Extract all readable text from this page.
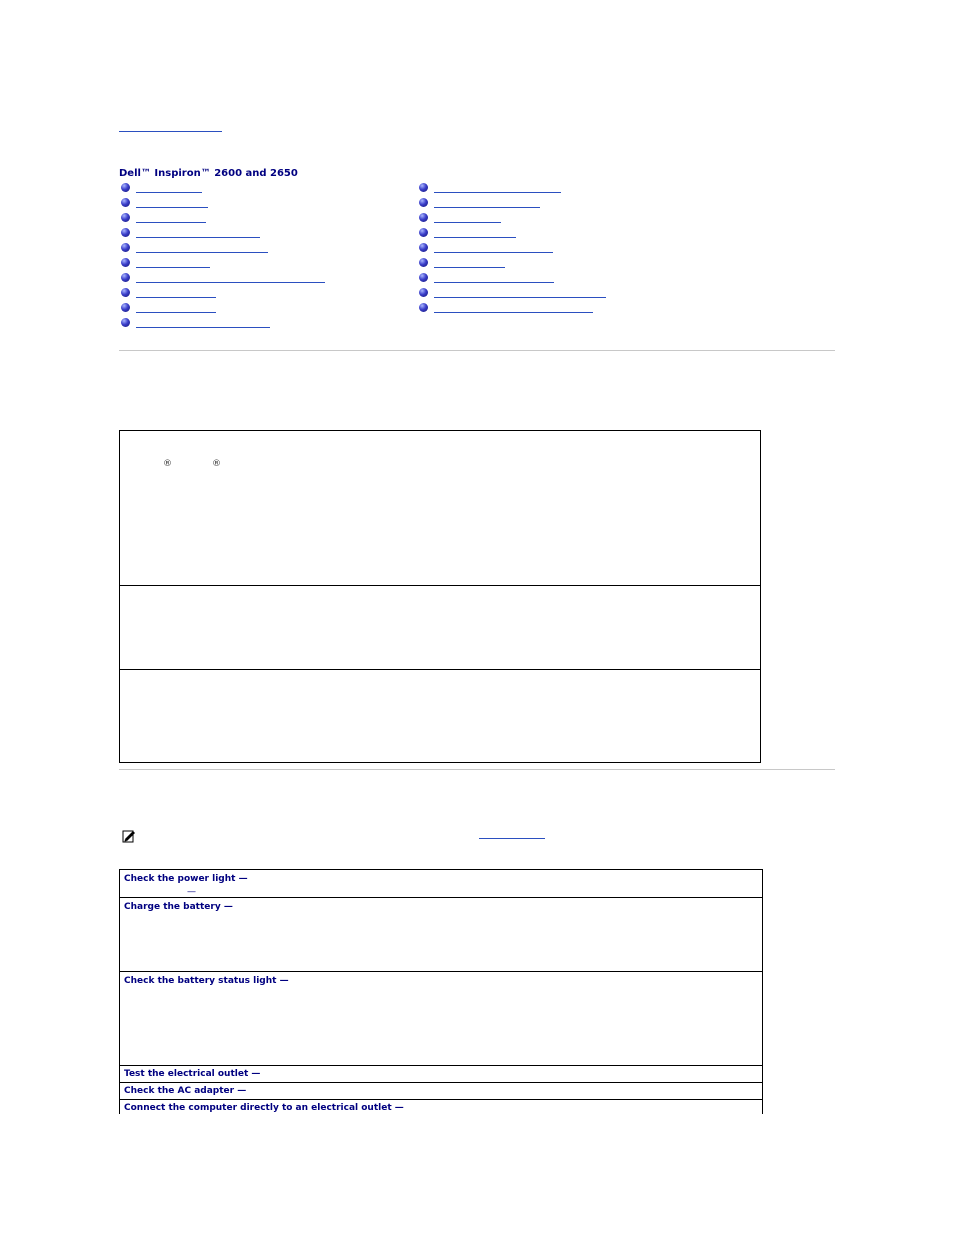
Dell™ Inspiron™ 2600 and 2650
®	®
Check the power light —
—
Charge the battery —
Check the battery status light —
Test the electrical outlet —
Check the AC adapter —
Connect the computer directly to an electrical outlet —
